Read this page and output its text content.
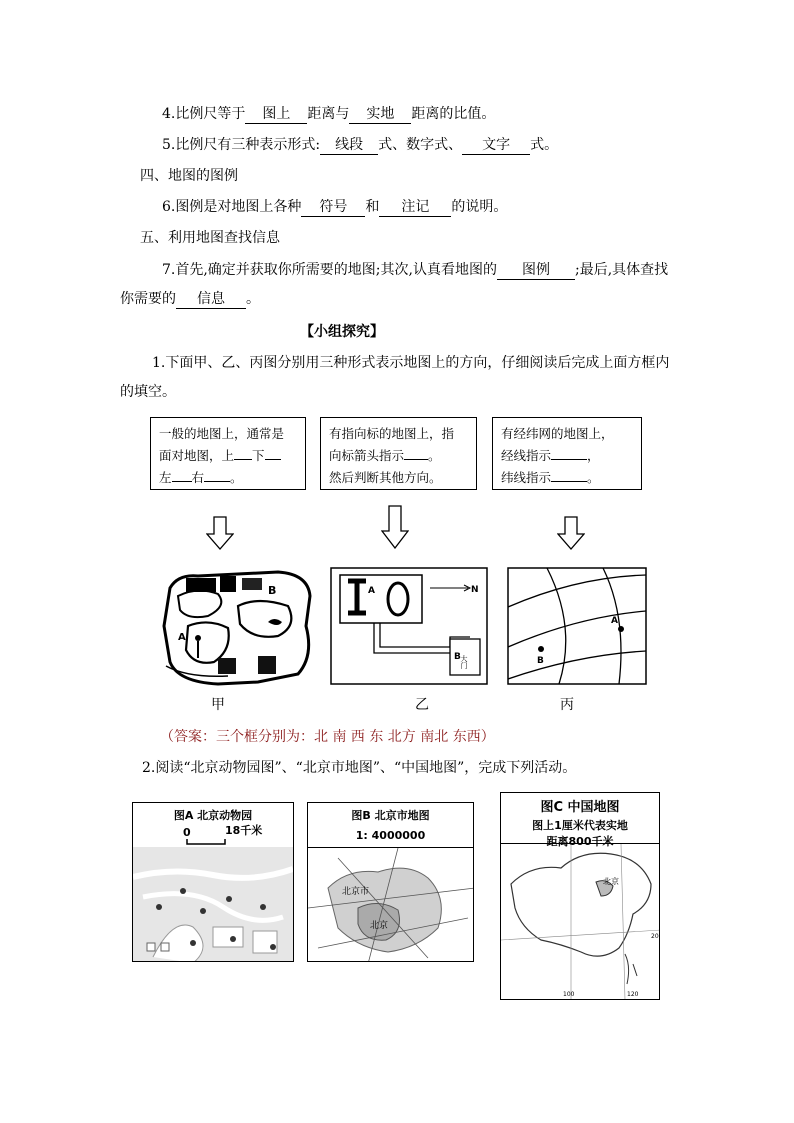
4.比例尺等于 图上 距离与 实地 距离的比值。
5.比例尺有三种表示形式: 线段 式、数字式、 文字 式。
四、地图的图例
6.图例是对地图上各种 符号 和 注记 的说明。
五、利用地图查找信息
7.首先,确定并获取你所需要的地图;其次,认真看地图的 图例 ;最后,具体查找
你需要的 信息 。
【小组探究】
1.下面甲、乙、丙图分别用三种形式表示地图上的方向，仔细阅读后完成上面方框内
的填空。
一般的地图上，通常是
面对地图，上 下
左 右 。
有指向标的地图上，指
向标箭头指示 。
然后判断其他方向。
有经纬网的地图上，
经线指示	，
纬线指示	。
B
A
A	N
B 大门
A
B
甲	乙	丙
（答案：三个框分别为：北 南 西 东 北方 南北 东西）
2.阅读“北京动物园图”、“北京市地图”、“中国地图”，完成下列活动。
图A 北京动物园
0	18千米
图B 北京市地图
1: 4000000
北京市
北京
图C 中国地图
图上1厘米代表实地
距离800千米
北京
100	120
20
